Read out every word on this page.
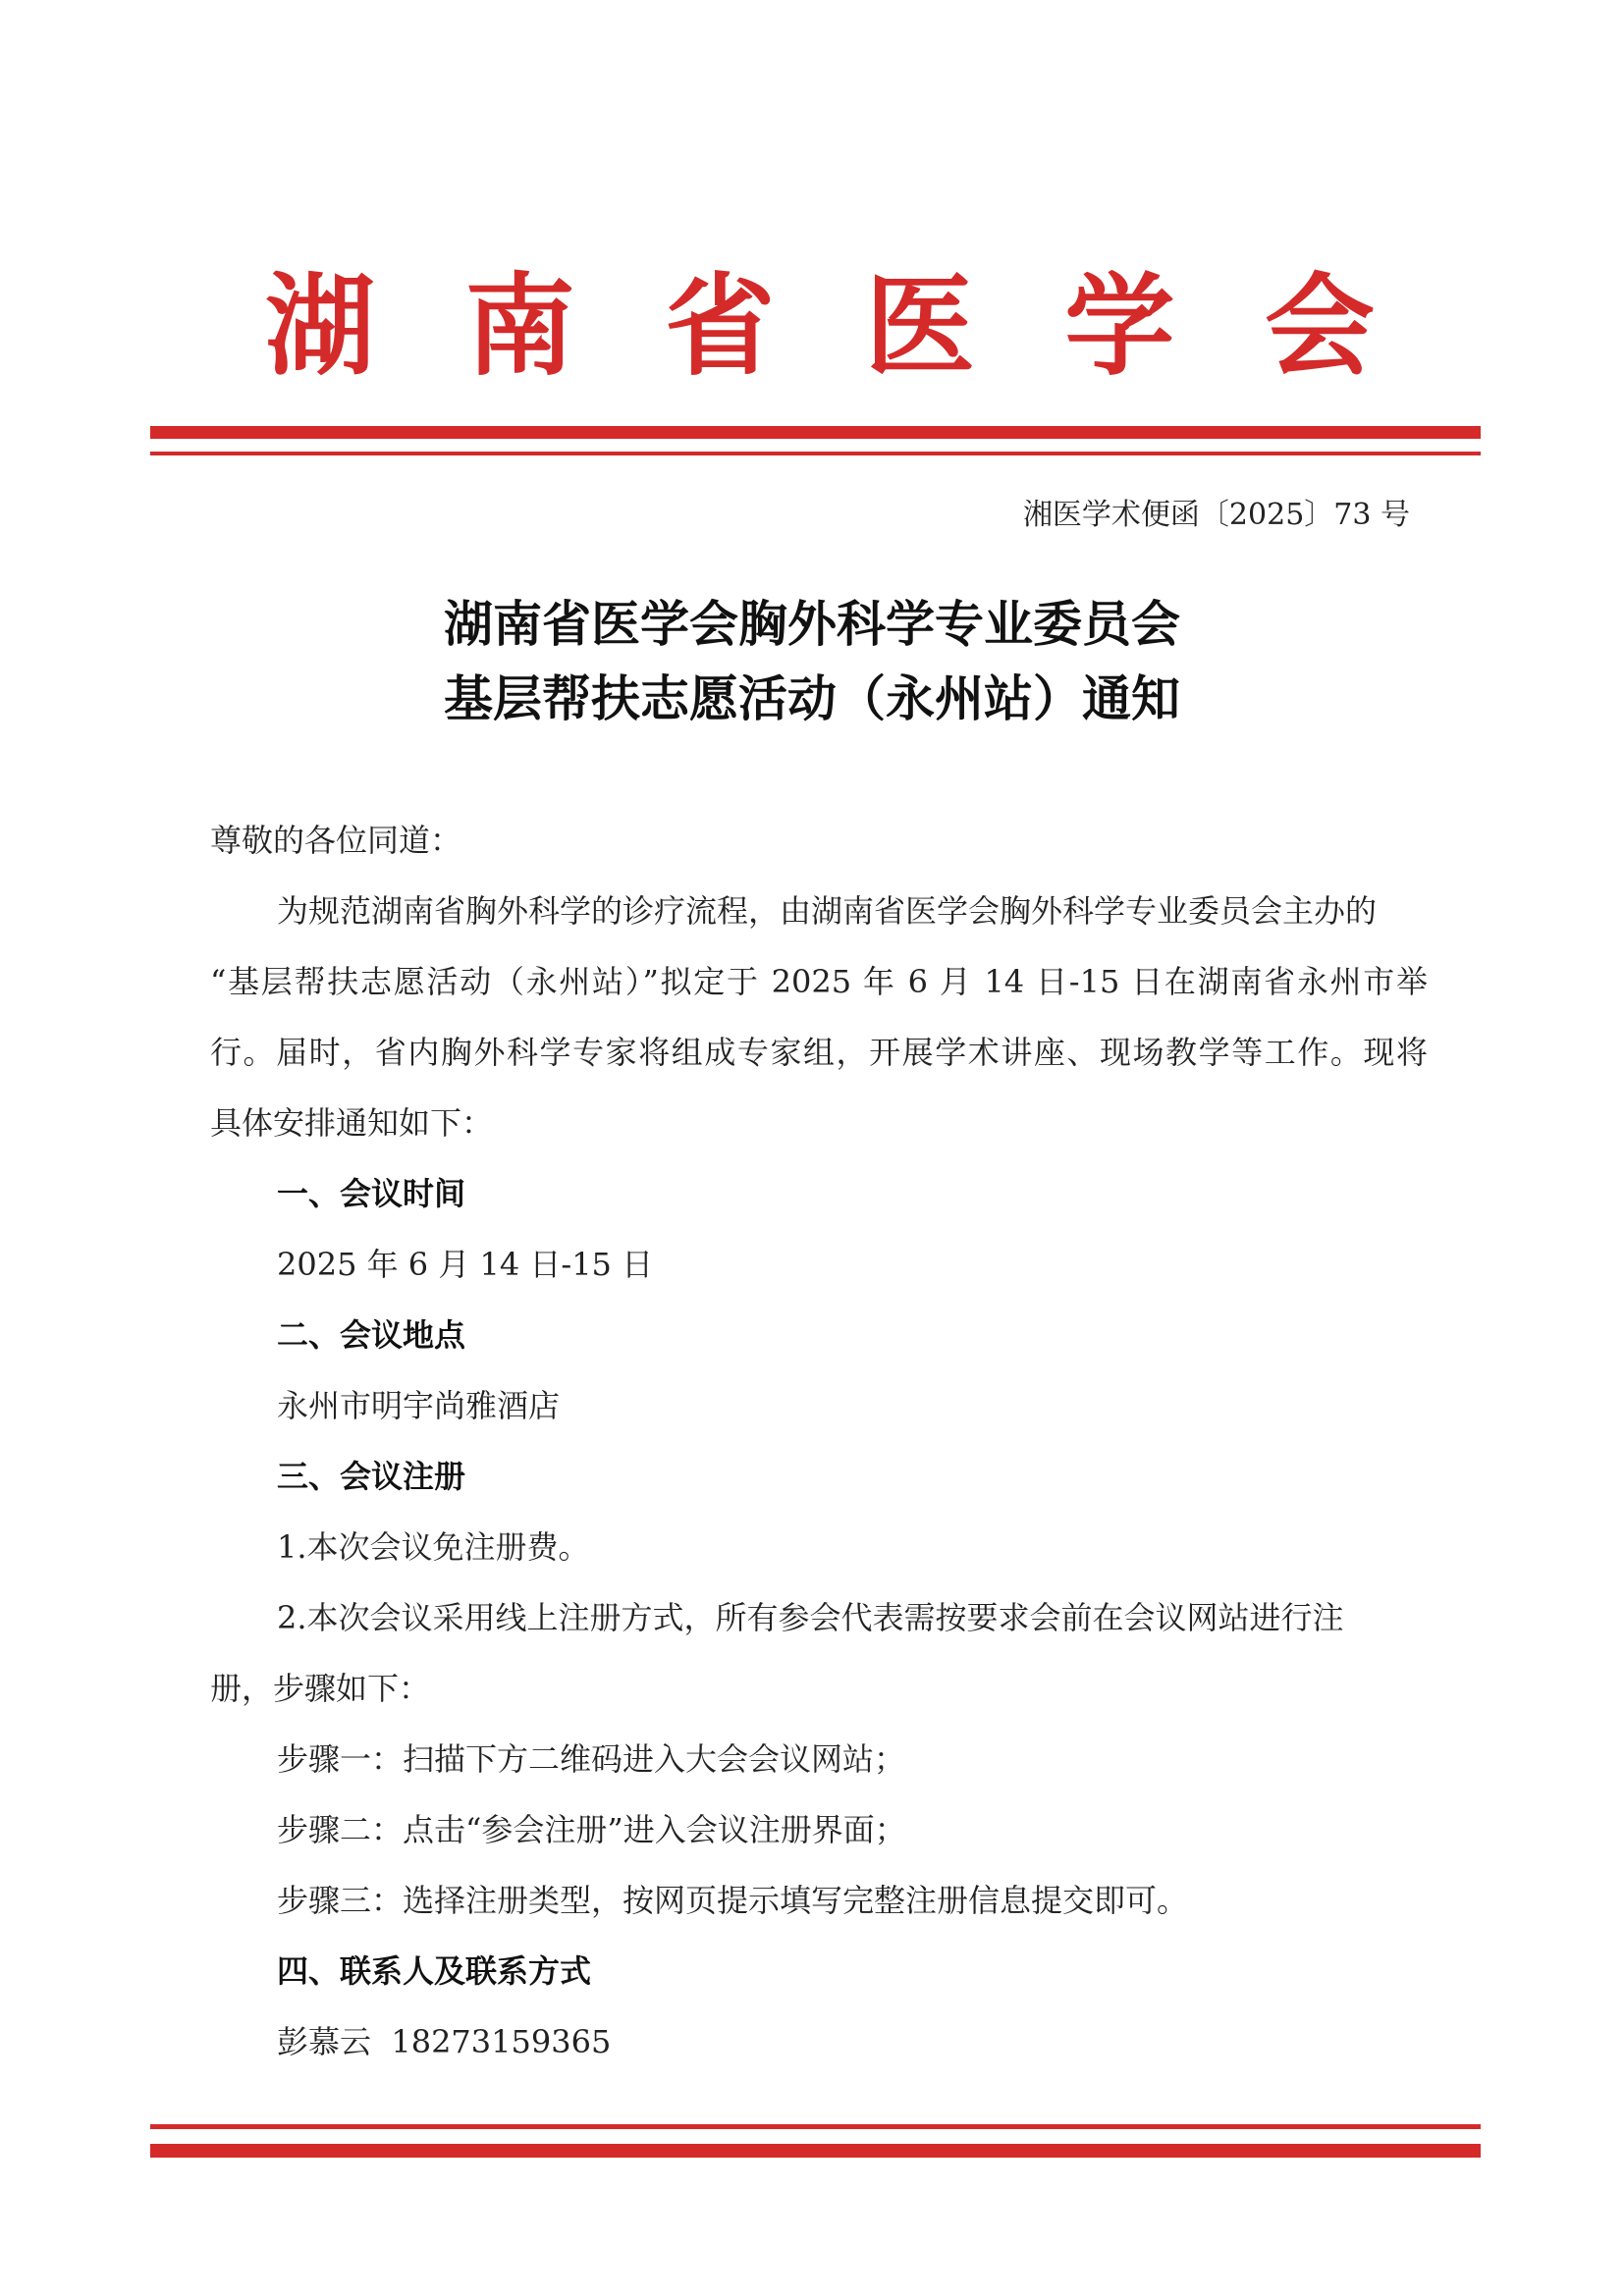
湖 南 省 医 学 会
湘医学术便函〔2025〕73 号
湖南省医学会胸外科学专业委员会
基层帮扶志愿活动（永州站）通知
尊敬的各位同道：
为规范湖南省胸外科学的诊疗流程，由湖南省医学会胸外科学专业委员会主办的
“基层帮扶志愿活动（永州站）”拟定于 2025 年 6 月 14 日-15 日在湖南省永州市举
行。届时，省内胸外科学专家将组成专家组，开展学术讲座、现场教学等工作。现将
具体安排通知如下：
一、会议时间
2025 年 6 月 14 日-15 日
二、会议地点
永州市明宇尚雅酒店
三、会议注册
1.本次会议免注册费。
2.本次会议采用线上注册方式，所有参会代表需按要求会前在会议网站进行注
册，步骤如下：
步骤一：扫描下方二维码进入大会会议网站；
步骤二：点击“参会注册”进入会议注册界面；
步骤三：选择注册类型，按网页提示填写完整注册信息提交即可。
四、联系人及联系方式
彭慕云  18273159365
